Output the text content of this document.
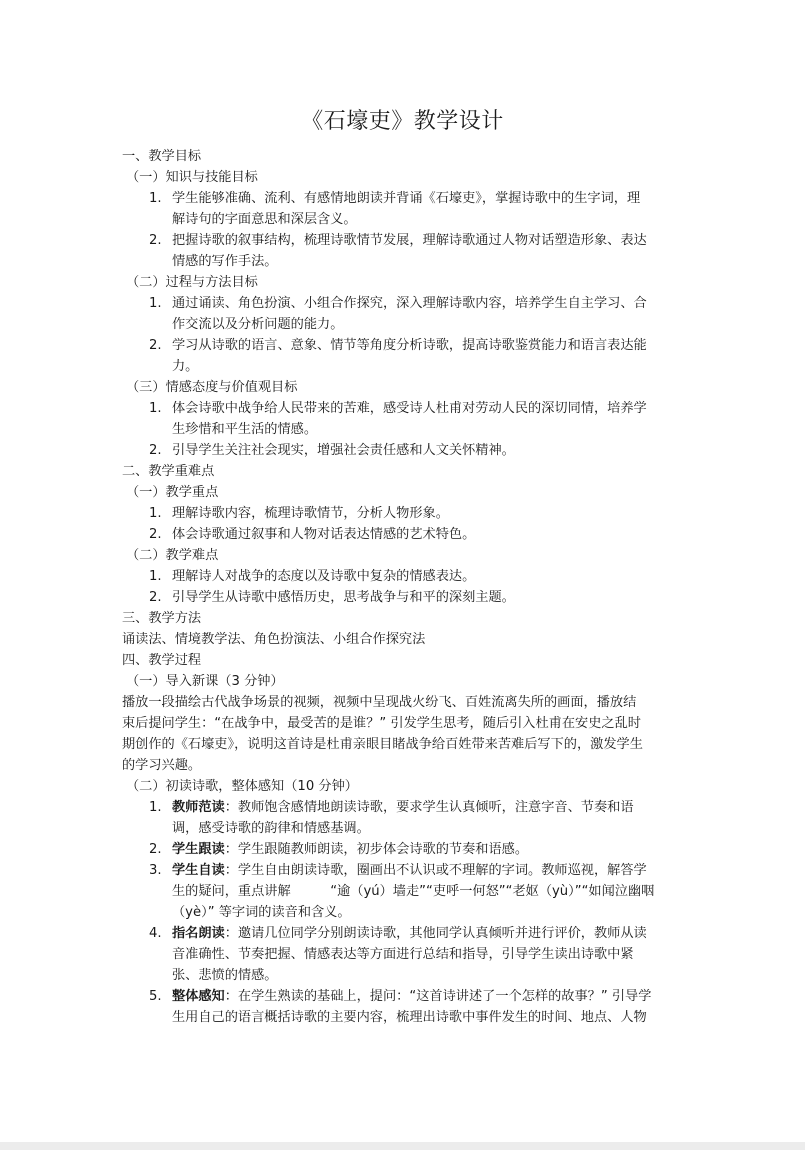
《石壕吏》教学设计
一、教学目标
（一）知识与技能目标
1. 学生能够准确、流利、有感情地朗读并背诵《石壕吏》，掌握诗歌中的生字词，理
解诗句的字面意思和深层含义。
2. 把握诗歌的叙事结构，梳理诗歌情节发展，理解诗歌通过人物对话塑造形象、表达
情感的写作手法。
（二）过程与方法目标
1. 通过诵读、角色扮演、小组合作探究，深入理解诗歌内容，培养学生自主学习、合
作交流以及分析问题的能力。
2. 学习从诗歌的语言、意象、情节等角度分析诗歌，提高诗歌鉴赏能力和语言表达能
力。
（三）情感态度与价值观目标
1. 体会诗歌中战争给人民带来的苦难，感受诗人杜甫对劳动人民的深切同情，培养学
生珍惜和平生活的情感。
2. 引导学生关注社会现实，增强社会责任感和人文关怀精神。
二、教学重难点
（一）教学重点
1. 理解诗歌内容，梳理诗歌情节，分析人物形象。
2. 体会诗歌通过叙事和人物对话表达情感的艺术特色。
（二）教学难点
1. 理解诗人对战争的态度以及诗歌中复杂的情感表达。
2. 引导学生从诗歌中感悟历史，思考战争与和平的深刻主题。
三、教学方法
诵读法、情境教学法、角色扮演法、小组合作探究法
四、教学过程
（一）导入新课（3 分钟）
播放一段描绘古代战争场景的视频，视频中呈现战火纷飞、百姓流离失所的画面，播放结
束后提问学生：“在战争中，最受苦的是谁？” 引发学生思考，随后引入杜甫在安史之乱时
期创作的《石壕吏》，说明这首诗是杜甫亲眼目睹战争给百姓带来苦难后写下的，激发学生
的学习兴趣。
（二）初读诗歌，整体感知（10 分钟）
1. 教师范读：教师饱含感情地朗读诗歌，要求学生认真倾听，注意字音、节奏和语
调，感受诗歌的韵律和情感基调。
2. 学生跟读：学生跟随教师朗读，初步体会诗歌的节奏和语感。
3. 学生自读：学生自由朗读诗歌，圈画出不认识或不理解的字词。教师巡视，解答学
生的疑问，重点讲解　　　“逾（yú）墙走”“吏呼一何怒”“老妪（yù）”“如闻泣幽咽
（yè）” 等字词的读音和含义。
4. 指名朗读：邀请几位同学分别朗读诗歌，其他同学认真倾听并进行评价，教师从读
音准确性、节奏把握、情感表达等方面进行总结和指导，引导学生读出诗歌中紧
张、悲愤的情感。
5. 整体感知：在学生熟读的基础上，提问：“这首诗讲述了一个怎样的故事？” 引导学
生用自己的语言概括诗歌的主要内容，梳理出诗歌中事件发生的时间、地点、人物
